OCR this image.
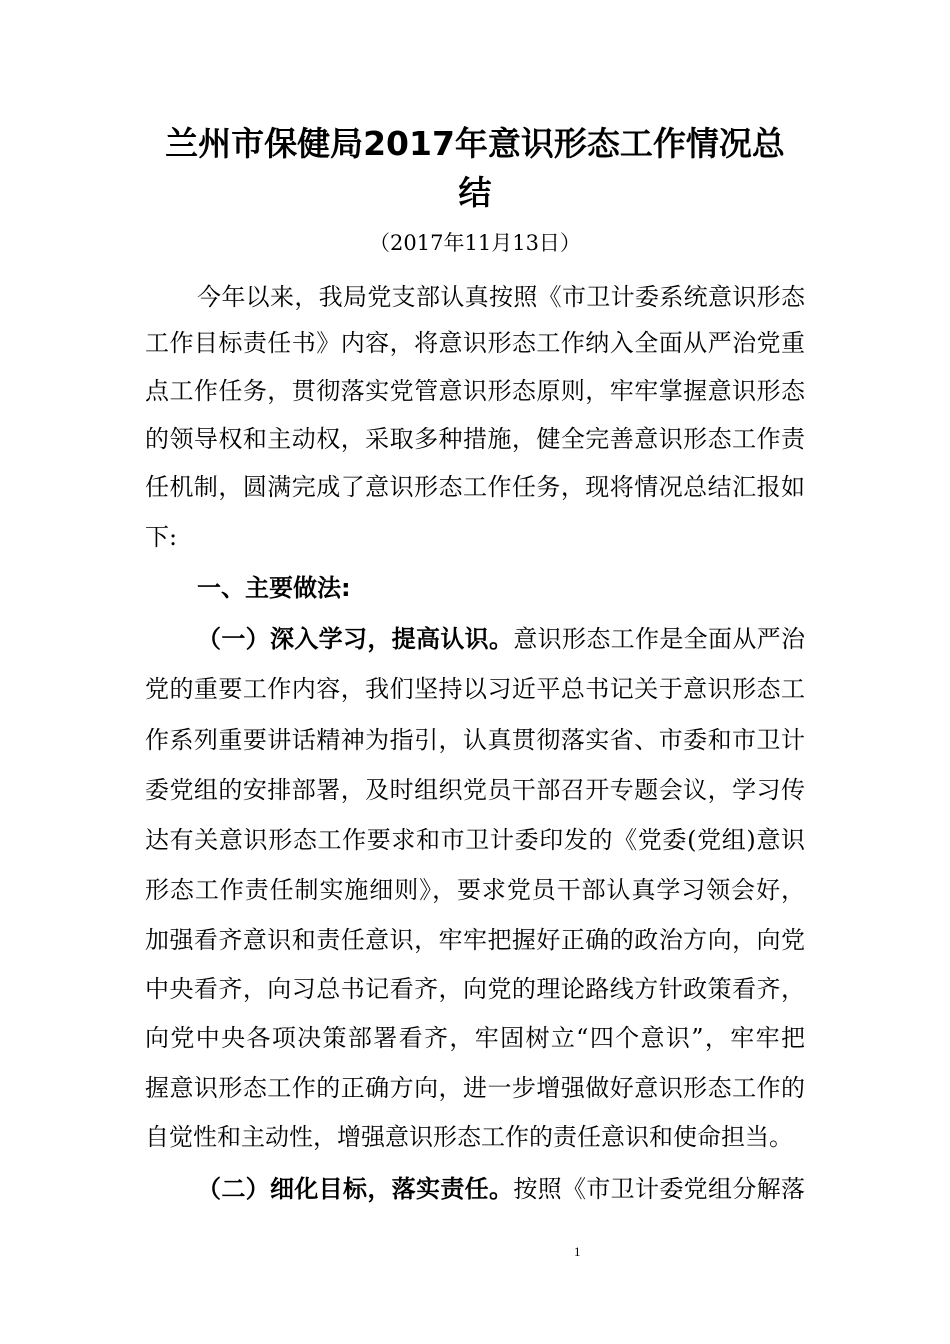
兰州市保健局2017年意识形态工作情况总
结
（2017年11月13日）
今年以来，我局党支部认真按照《市卫计委系统意识形态
工作目标责任书》内容，将意识形态工作纳入全面从严治党重
点工作任务，贯彻落实党管意识形态原则，牢牢掌握意识形态
的领导权和主动权，采取多种措施，健全完善意识形态工作责
任机制，圆满完成了意识形态工作任务，现将情况总结汇报如
下:
一、主要做法:
（一）深入学习，提高认识。意识形态工作是全面从严治
党的重要工作内容，我们坚持以习近平总书记关于意识形态工
作系列重要讲话精神为指引，认真贯彻落实省、市委和市卫计
委党组的安排部署，及时组织党员干部召开专题会议，学习传
达有关意识形态工作要求和市卫计委印发的《党委(党组)意识
形态工作责任制实施细则》，要求党员干部认真学习领会好，
加强看齐意识和责任意识，牢牢把握好正确的政治方向，向党
中央看齐，向习总书记看齐，向党的理论路线方针政策看齐，
向党中央各项决策部署看齐，牢固树立“四个意识”，牢牢把
握意识形态工作的正确方向，进一步增强做好意识形态工作的
自觉性和主动性，增强意识形态工作的责任意识和使命担当。
（二）细化目标，落实责任。按照《市卫计委党组分解落
1
